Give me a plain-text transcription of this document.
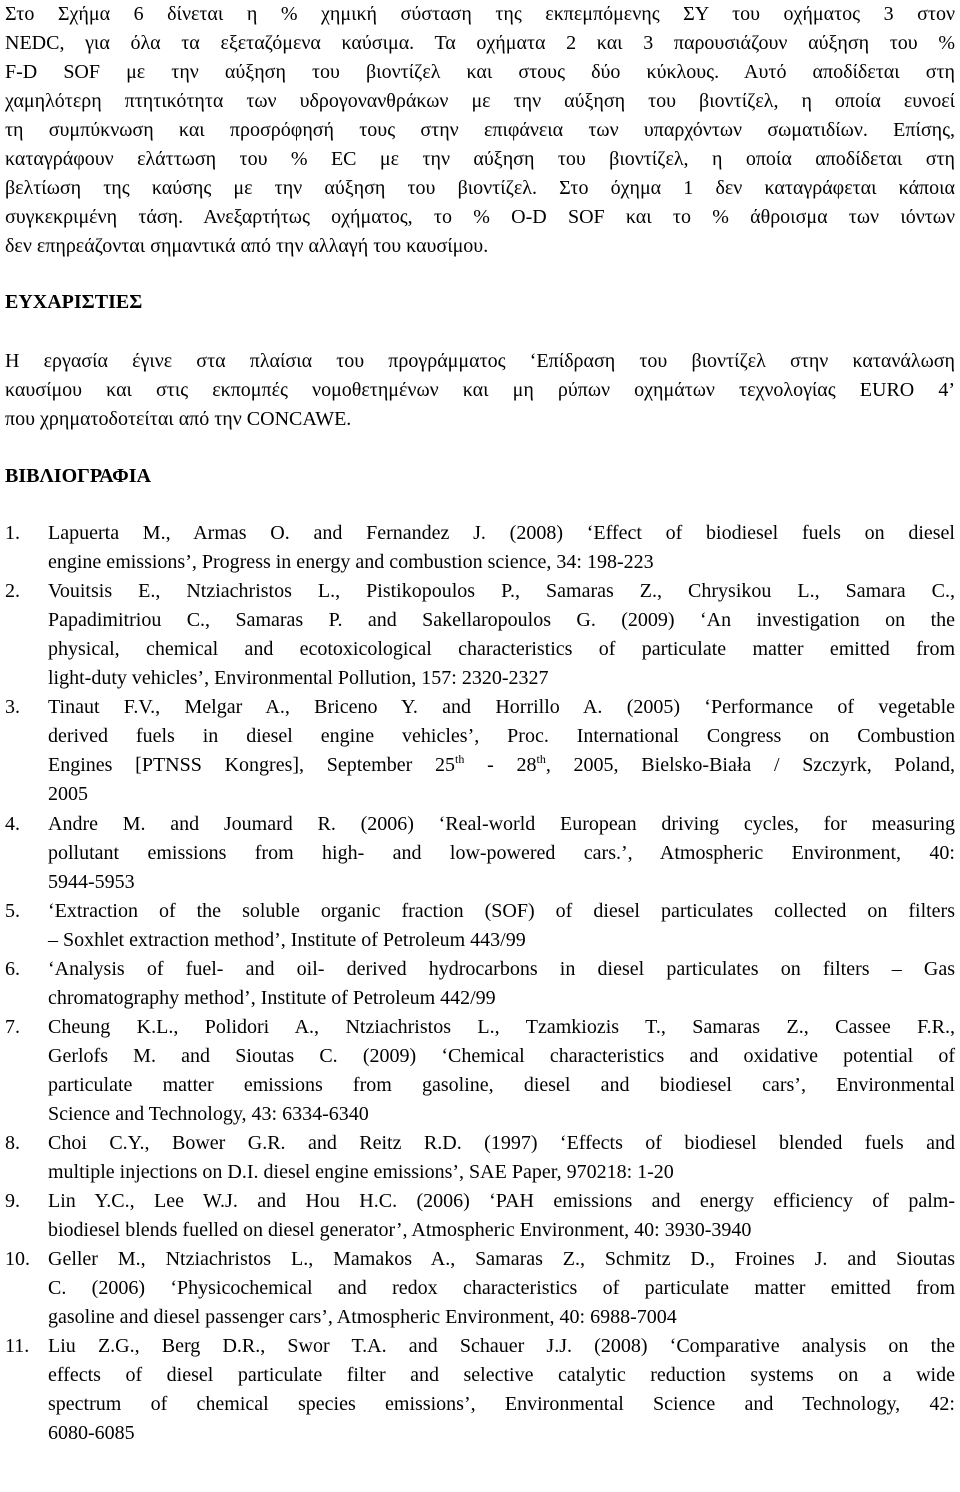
Στο Σχήμα 6 δίνεται η % χημική σύσταση της εκπεμπόμενης ΣΥ του οχήματος 3 στον

NEDC, για όλα τα εξεταζόμενα καύσιμα. Τα οχήματα 2 και 3 παρουσιάζουν αύξηση του %

F-D SOF με την αύξηση του βιοντίζελ και στους δύο κύκλους. Αυτό αποδίδεται στη

χαμηλότερη πτητικότητα των υδρογονανθράκων με την αύξηση του βιοντίζελ, η οποία ευνοεί

τη συμπύκνωση και προσρόφησή τους στην επιφάνεια των υπαρχόντων σωματιδίων. Επίσης,

καταγράφουν ελάττωση του % EC με την αύξηση του βιοντίζελ, η οποία αποδίδεται στη

βελτίωση της καύσης με την αύξηση του βιοντίζελ. Στο όχημα 1 δεν καταγράφεται κάποια

συγκεκριμένη τάση. Ανεξαρτήτως οχήματος, το % O-D SOF και το % άθροισμα των ιόντων

δεν επηρεάζονται σημαντικά από την αλλαγή του καυσίμου.

ΕΥΧΑΡΙΣΤΙΕΣ

Η εργασία έγινε στα πλαίσια του προγράμματος ‘Επίδραση του βιοντίζελ στην κατανάλωση

καυσίμου και στις εκπομπές νομοθετημένων και μη ρύπων οχημάτων τεχνολογίας EURO 4’

που χρηματοδοτείται από την CONCAWE.

ΒΙΒΛΙΟΓΡΑΦΙΑ
1. Lapuerta M., Armas O. and Fernandez J. (2008) ‘Effect of biodiesel fuels on diesel

engine emissions’, Progress in energy and combustion science, 34: 198-223

2. Vouitsis E., Ntziachristos L., Pistikopoulos P., Samaras Z., Chrysikou L., Samara C.,

Papadimitriou C., Samaras P. and Sakellaropoulos G. (2009) ‘An investigation on the

physical, chemical and ecotoxicological characteristics of particulate matter emitted from

light-duty vehicles’, Environmental Pollution, 157: 2320-2327

3. Tinaut F.V., Melgar A., Briceno Y. and Horrillo A. (2005) ‘Performance of vegetable

derived fuels in diesel engine vehicles’, Proc. International Congress on Combustion

Engines [PTNSS Kongres], September 25th - 28th, 2005, Bielsko-Biała / Szczyrk, Poland,

2005

4. Andre M. and Joumard R. (2006) ‘Real-world European driving cycles, for measuring

pollutant emissions from high- and low-powered cars.’, Atmospheric Environment, 40:

5944-5953

5. ‘Extraction of the soluble organic fraction (SOF) of diesel particulates collected on filters

– Soxhlet extraction method’, Institute of Petroleum 443/99

6. ‘Analysis of fuel- and oil- derived hydrocarbons in diesel particulates on filters – Gas

chromatography method’, Institute of Petroleum 442/99

7. Cheung K.L., Polidori A., Ntziachristos L., Tzamkiozis T., Samaras Z., Cassee F.R.,

Gerlofs M. and Sioutas C. (2009) ‘Chemical characteristics and oxidative potential of

particulate matter emissions from gasoline, diesel and biodiesel cars’, Environmental

Science and Technology, 43: 6334-6340

8. Choi C.Y., Bower G.R. and Reitz R.D. (1997) ‘Effects of biodiesel blended fuels and

multiple injections on D.I. diesel engine emissions’, SAE Paper, 970218: 1-20

9. Lin Y.C., Lee W.J. and Hou H.C. (2006) ‘PAH emissions and energy efficiency of palm-

biodiesel blends fuelled on diesel generator’, Atmospheric Environment, 40: 3930-3940

10. Geller M., Ntziachristos L., Mamakos A., Samaras Z., Schmitz D., Froines J. and Sioutas

C. (2006) ‘Physicochemical and redox characteristics of particulate matter emitted from

gasoline and diesel passenger cars’, Atmospheric Environment, 40: 6988-7004

11. Liu Z.G., Berg D.R., Swor T.A. and Schauer J.J. (2008) ‘Comparative analysis on the

effects of diesel particulate filter and selective catalytic reduction systems on a wide

spectrum of chemical species emissions’, Environmental Science and Technology, 42:

6080-6085
